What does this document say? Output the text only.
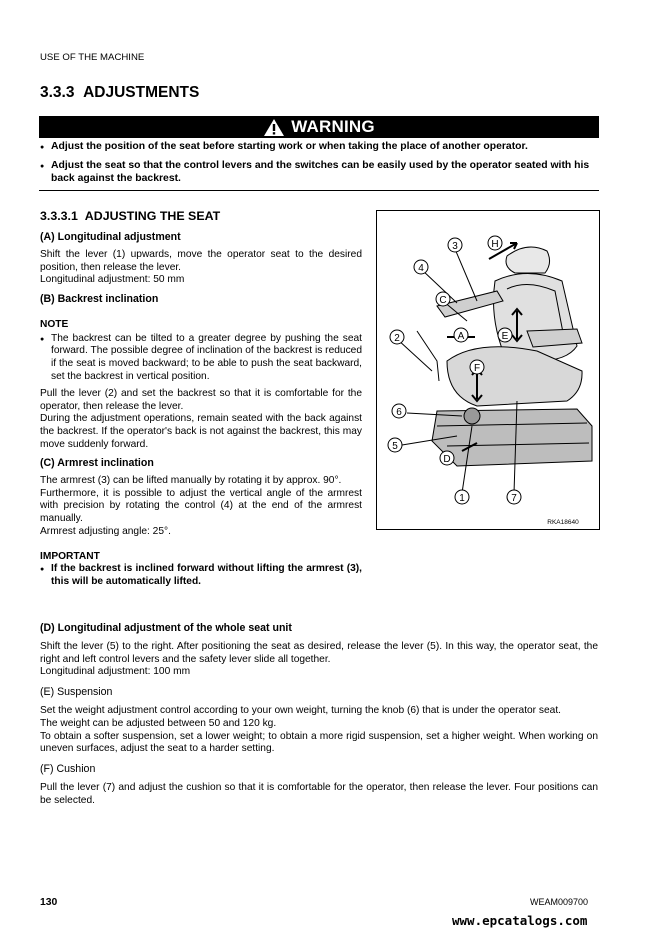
USE OF THE MACHINE
3.3.3 ADJUSTMENTS
WARNING

● Adjust the position of the seat before starting work or when taking the place of another operator.

● Adjust the seat so that the control levers and the switches can be easily used by the operator seated with his back against the backrest.

3.3.3.1 ADJUSTING THE SEAT

(A) Longitudinal adjustment

Shift the lever (1) upwards, move the operator seat to the desired position, then release the lever.

Longitudinal adjustment: 50 mm

(B) Backrest inclination

NOTE

● The backrest can be tilted to a greater degree by pushing the seat forward. The possible degree of inclination of the backrest is reduced if the seat is moved backward; to be able to push the seat backward, set the backrest in vertical position.

Pull the lever (2) and set the backrest so that it is comfortable for the operator, then release the lever.

During the adjustment operations, remain seated with the back against the backrest. If the operator's back is not against the backrest, this may move suddenly forward.

(C) Armrest inclination

The armrest (3) can be lifted manually by rotating it by approx. 90°.

Furthermore, it is possible to adjust the vertical angle of the armrest with precision by rotating the control (4) at the end of the armrest manually.

Armrest adjusting angle: 25°.

IMPORTANT

● If the backrest is inclined forward without lifting the armrest (3), this will be automatically lifted.

3	H
4
C
2	A	E
F
6
5
D
1	7
RKA18640

(D) Longitudinal adjustment of the whole seat unit

Shift the lever (5) to the right. After positioning the seat as desired, release the lever (5). In this way, the operator seat, the right and left control levers and the safety lever slide all together.

Longitudinal adjustment: 100 mm

(E) Suspension

Set the weight adjustment control according to your own weight, turning the knob (6) that is under the operator seat.

The weight can be adjusted between 50 and 120 kg.

To obtain a softer suspension, set a lower weight; to obtain a more rigid suspension, set a higher weight. When working on uneven surfaces, adjust the seat to a harder setting.

(F) Cushion

Pull the lever (7) and adjust the cushion so that it is comfortable for the operator, then release the lever. Four positions can be selected.

130	WEAM009700
www.epcatalogs.com
